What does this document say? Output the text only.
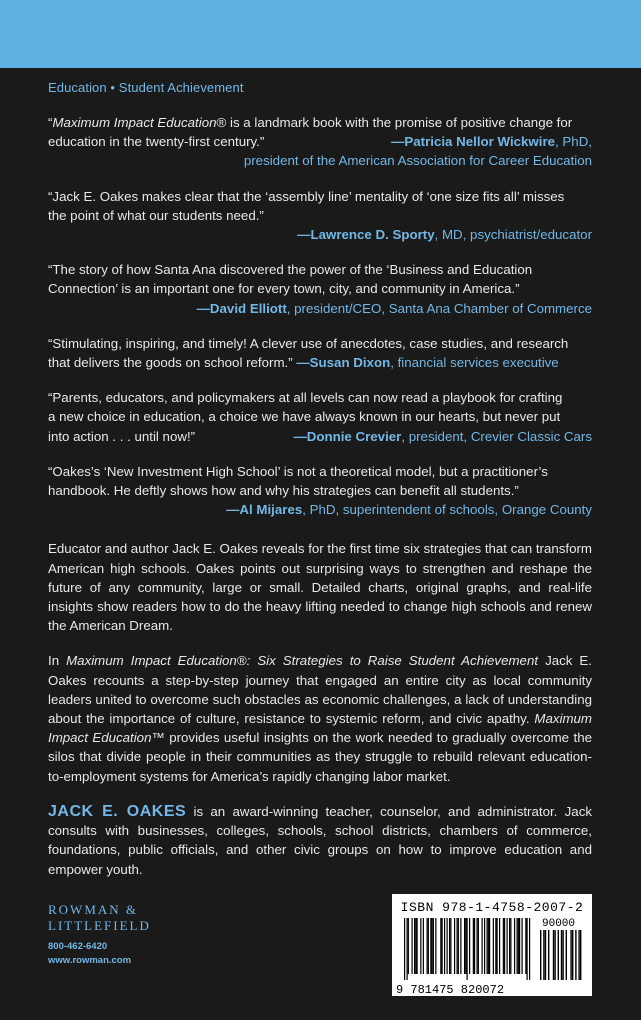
Education • Student Achievement
“Maximum Impact Education® is a landmark book with the promise of positive change for
education in the twenty-first century.”	—Patricia Nellor Wickwire, PhD,
president of the American Association for Career Education
“Jack E. Oakes makes clear that the ‘assembly line’ mentality of ‘one size fits all’ misses
the point of what our students need.”
—Lawrence D. Sporty, MD, psychiatrist/educator
“The story of how Santa Ana discovered the power of the ‘Business and Education
Connection’ is an important one for every town, city, and community in America.”
—David Elliott, president/CEO, Santa Ana Chamber of Commerce
“Stimulating, inspiring, and timely! A clever use of anecdotes, case studies, and research
that delivers the goods on school reform.” —Susan Dixon, financial services executive
“Parents, educators, and policymakers at all levels can now read a playbook for crafting
a new choice in education, a choice we have always known in our hearts, but never put
into action . . . until now!”	—Donnie Crevier, president, Crevier Classic Cars
“Oakes’s ‘New Investment High School’ is not a theoretical model, but a practitioner’s
handbook. He deftly shows how and why his strategies can benefit all students.”
—Al Mijares, PhD, superintendent of schools, Orange County
Educator and author Jack E. Oakes reveals for the first time six strategies that can transform American high schools. Oakes points out surprising ways to strengthen and reshape the future of any community, large or small. Detailed charts, original graphs, and real-life insights show readers how to do the heavy lifting needed to change high schools and renew the American Dream.
In Maximum Impact Education®: Six Strategies to Raise Student Achievement Jack E. Oakes recounts a step-by-step journey that engaged an entire city as local community leaders united to overcome such obstacles as economic challenges, a lack of understanding about the importance of culture, resistance to systemic reform, and civic apathy. Maximum Impact Education™ provides useful insights on the work needed to gradually overcome the silos that divide people in their communities as they struggle to rebuild relevant education-to-employment systems for America’s rapidly changing labor market.
JACK E. OAKES is an award-winning teacher, counselor, and administrator. Jack consults with businesses, colleges, schools, school districts, chambers of commerce, foundations, public officials, and other civic groups on how to improve education and empower youth.
ROWMAN &
LITTLEFIELD
800-462-6420
www.rowman.com
ISBN 978-1-4758-2007-2
90000
9 781475 820072
